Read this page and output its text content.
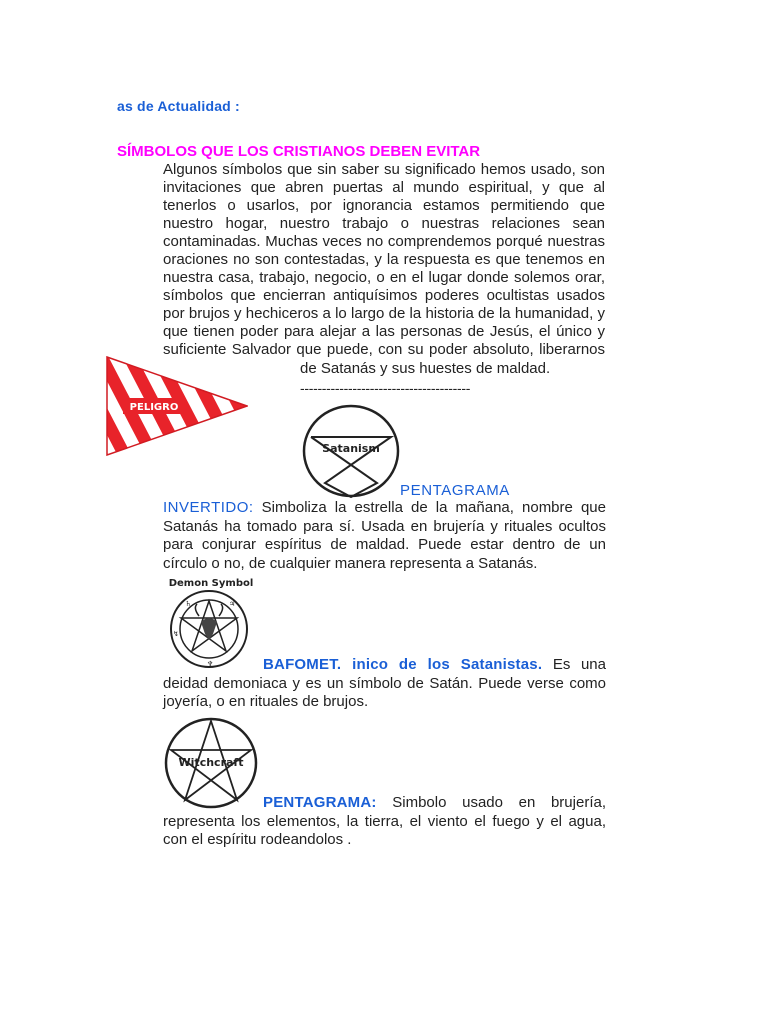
as de Actualidad :
SÍMBOLOS QUE LOS CRISTIANOS DEBEN EVITAR
Algunos símbolos que sin saber su significado hemos usado, son
invitaciones que abren puertas al mundo espiritual, y que al
tenerlos o usarlos, por ignorancia estamos permitiendo que
nuestro hogar, nuestro trabajo o nuestras relaciones sean
contaminadas. Muchas veces no comprendemos porqué nuestras
oraciones no son contestadas, y la respuesta es que tenemos en
nuestra casa, trabajo, negocio, o en el lugar donde solemos orar,
símbolos que encierran antiquísimos poderes ocultistas usados
por brujos y hechiceros a lo largo de la historia de la humanidad, y
que tienen poder para alejar a las personas de Jesús, el único y
suficiente Salvador que puede, con su poder absoluto, liberarnos
de Satanás y sus huestes de maldad.
PELIGRO
---------------------------------------
Satanism
PENTAGRAMA
INVERTIDO: Simboliza la estrella de la mañana, nombre que
Satanás ha tomado para sí. Usada en brujería y rituales ocultos
para conjurar espíritus de maldad. Puede estar dentro de un
círculo o no, de cualquier manera representa a Satanás.
Demon Symbol
♄	♃
↯
♆	BAFOMET. inico de los Satanistas. Es una
deidad demoniaca y es un símbolo de Satán. Puede verse como
joyería, o en rituales de brujos.
Witchcraft
PENTAGRAMA: Simbolo usado en brujería,
representa los elementos, la tierra, el viento el fuego y el agua,
con el espíritu rodeandolos .
